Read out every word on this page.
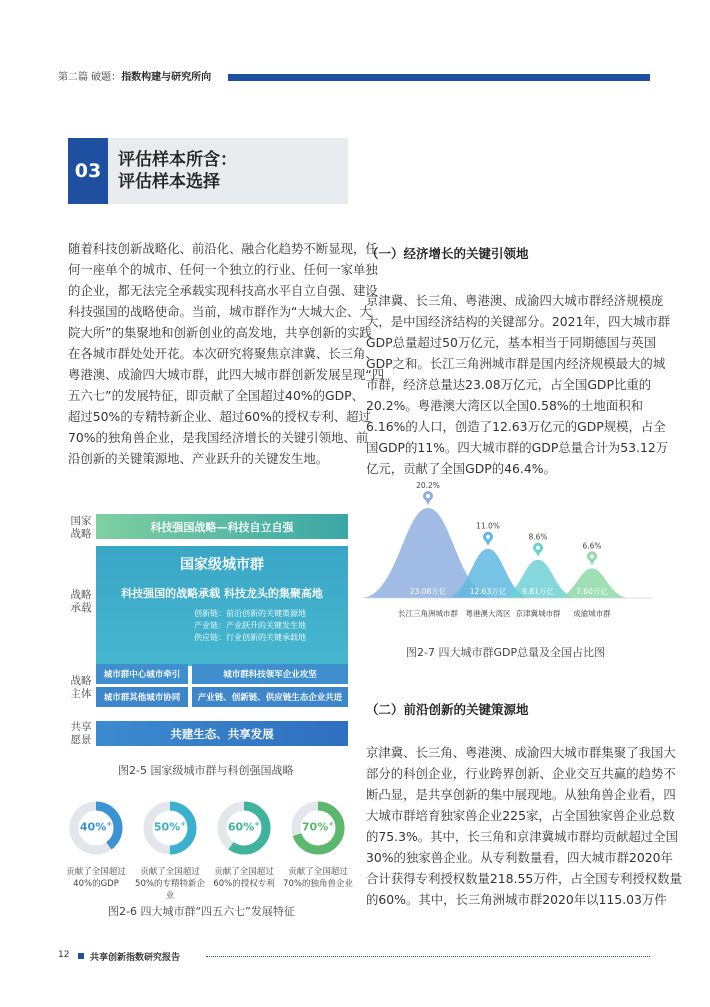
第二篇 破题：指数构建与研究所向
03 评估样本所含：
评估样本选择
随着科技创新战略化、前沿化、融合化趋势不断显现，任
何一座单个的城市、任何一个独立的行业、任何一家单独
的企业，都无法完全承载实现科技高水平自立自强、建设
科技强国的战略使命。当前，城市群作为“大城大企、大
院大所”的集聚地和创新创业的高发地，共享创新的实践
在各城市群处处开花。本次研究将聚焦京津冀、长三角、
粤港澳、成渝四大城市群，此四大城市群创新发展呈现“四
五六七”的发展特征，即贡献了全国超过40%的GDP、
超过50%的专精特新企业、超过60%的授权专利、超过
70%的独角兽企业，是我国经济增长的关键引领地、前
沿创新的关键策源地、产业跃升的关键发生地。
国家
战略
战略
承载
战略
主体
共享
愿景
科技强国战略—科技自立自强
国家级城市群
科技强国的战略承载 科技龙头的集聚高地
创新链：前沿创新的关键策源地
产业链：产业跃升的关键发生地
供应链：行业创新的关键承载地
城市群中心城市牵引	城市群科技领军企业攻坚
城市群其他城市协同	产业链、创新链、供应链生态企业共进
共建生态、共享发展
图2-5 国家级城市群与科创强国战略
40%+	50%+	60%+	70%+
贡献了全国超过
40%的GDP
贡献了全国超过
50%的专精特新企业
贡献了全国超过
60%的授权专利
贡献了全国超过
70%的独角兽企业
图2-6 四大城市群“四五六七”发展特征
（一）经济增长的关键引领地
京津冀、长三角、粤港澳、成渝四大城市群经济规模庞
大，是中国经济结构的关键部分。2021年，四大城市群
GDP总量超过50万亿元，基本相当于同期德国与英国
GDP之和。长江三角洲城市群是国内经济规模最大的城
市群，经济总量达23.08万亿元，占全国GDP比重的
20.2%。粤港澳大湾区以全国0.58%的土地面积和
6.16%的人口，创造了12.63万亿元的GDP规模，占全
国GDP的11%。四大城市群的GDP总量合计为53.12万
亿元，贡献了全国GDP的46.4%。
20.2%
23.08万亿
长江三角洲城市群
11.0%
12.63万亿
粤港澳大湾区
8.6%
9.81万亿
京津冀城市群
6.6%
7.60万亿
成渝城市群
图2-7 四大城市群GDP总量及全国占比图
（二）前沿创新的关键策源地
京津冀、长三角、粤港澳、成渝四大城市群集聚了我国大
部分的科创企业，行业跨界创新、企业交互共赢的趋势不
断凸显，是共享创新的集中展现地。从独角兽企业看，四
大城市群培育独家兽企业225家，占全国独家兽企业总数
的75.3%。其中，长三角和京津冀城市群均贡献超过全国
30%的独家兽企业。从专利数量看，四大城市群2020年
合计获得专利授权数量218.55万件，占全国专利授权数量
的60%。其中，长三角洲城市群2020年以115.03万件
12 共享创新指数研究报告
